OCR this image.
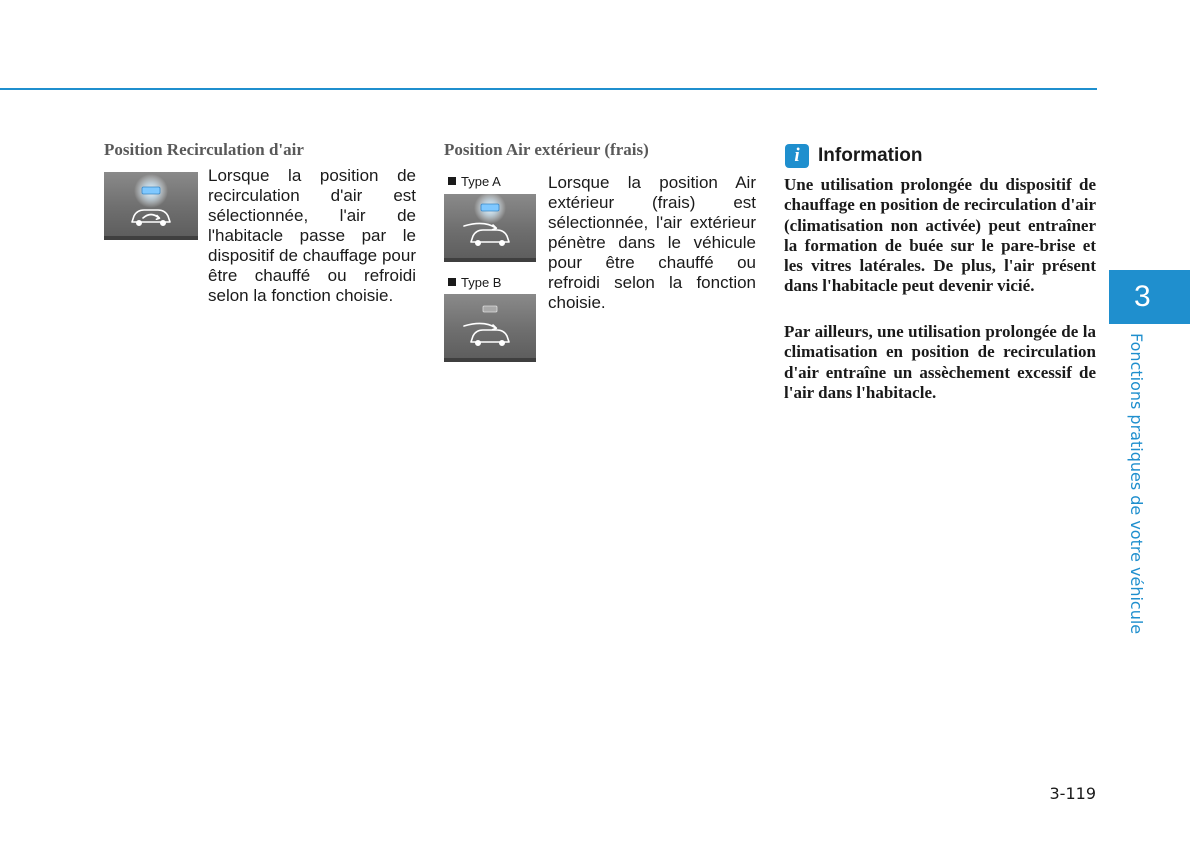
Position Recirculation d'air

Lorsque la position de recirculation d'air est sélectionnée, l'air de l'habitacle passe par le dispositif de chauffage pour être chauffé ou refroidi selon la fonction choisie.

Position Air extérieur (frais)
Type A
Type B

Lorsque la position Air extérieur (frais) est sélectionnée, l'air extérieur pénètre dans le véhicule pour être chauffé ou refroidi selon la fonction choisie.

i Information

Une utilisation prolongée du dispositif de chauffage en position de recirculation d'air (climatisation non activée) peut entraîner la formation de buée sur le pare-brise et les vitres latérales. De plus, l'air présent dans l'habitacle peut devenir vicié.

Par ailleurs, une utilisation prolongée de la climatisation en position de recirculation d'air entraîne un assèchement excessif de l'air dans l'habitacle.

3
Fonctions pratiques de votre véhicule
3-119
